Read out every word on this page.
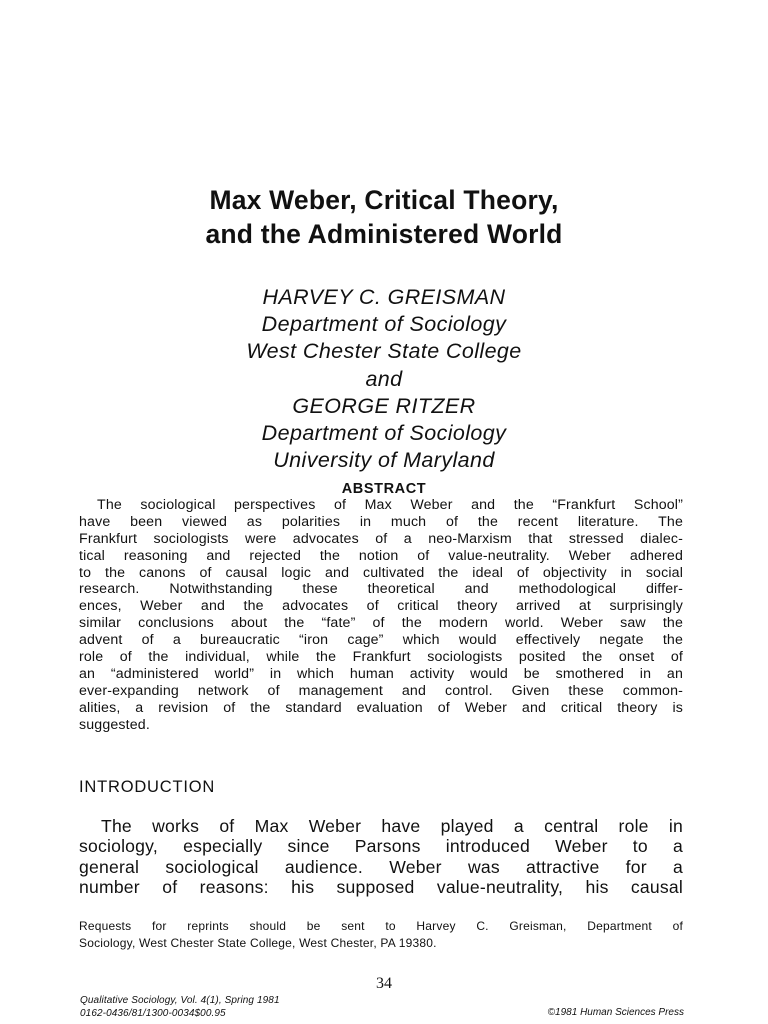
Max Weber, Critical Theory,
and the Administered World
HARVEY C. GREISMAN
Department of Sociology
West Chester State College
and
GEORGE RITZER
Department of Sociology
University of Maryland
ABSTRACT
The sociological perspectives of Max Weber and the “Frankfurt School”
have been viewed as polarities in much of the recent literature. The
Frankfurt sociologists were advocates of a neo-Marxism that stressed dialec-
tical reasoning and rejected the notion of value-neutrality. Weber adhered
to the canons of causal logic and cultivated the ideal of objectivity in social
research. Notwithstanding these theoretical and methodological differ-
ences, Weber and the advocates of critical theory arrived at surprisingly
similar conclusions about the “fate” of the modern world. Weber saw the
advent of a bureaucratic “iron cage” which would effectively negate the
role of the individual, while the Frankfurt sociologists posited the onset of
an “administered world” in which human activity would be smothered in an
ever-expanding network of management and control. Given these common-
alities, a revision of the standard evaluation of Weber and critical theory is
suggested.
INTRODUCTION
The works of Max Weber have played a central role in
sociology, especially since Parsons introduced Weber to a
general sociological audience. Weber was attractive for a
number of reasons: his supposed value-neutrality, his causal
Requests for reprints should be sent to Harvey C. Greisman, Department of
Sociology, West Chester State College, West Chester, PA 19380.
34
Qualitative Sociology, Vol. 4(1), Spring 1981
0162-0436/81/1300-0034$00.95	©1981 Human Sciences Press
